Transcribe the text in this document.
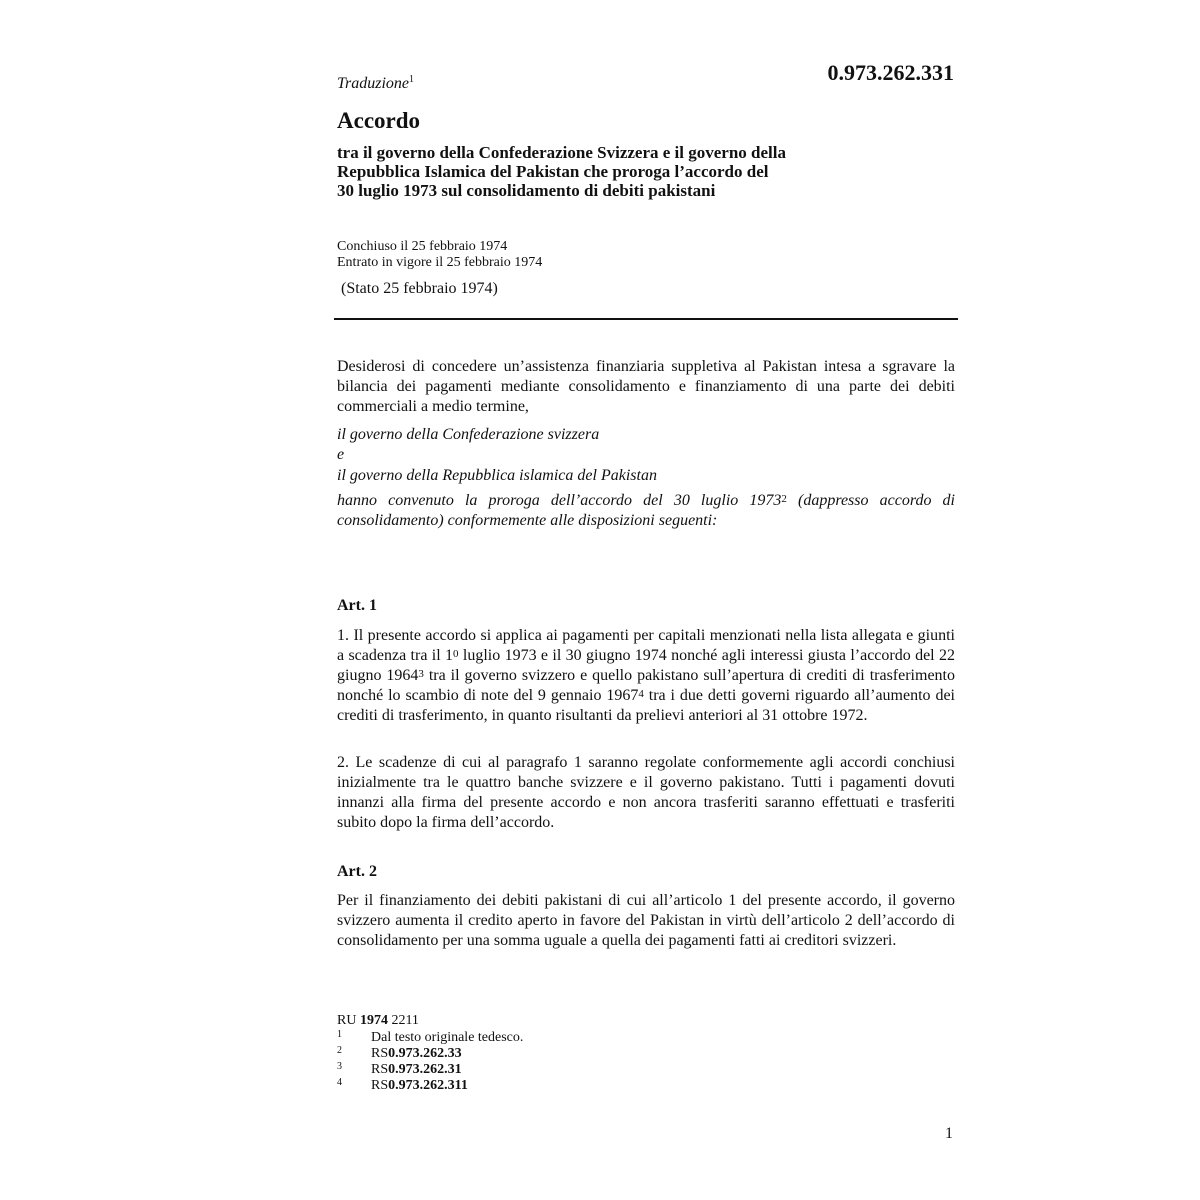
Traduzione$^1$	0.973.262.331

Accordo

tra il governo della Confederazione Svizzera e il governo della
Repubblica Islamica del Pakistan che proroga l’accordo del
30 luglio 1973 sul consolidamento di debiti pakistani
Conchiuso il 25 febbraio 1974
Entrato in vigore il 25 febbraio 1974

(Stato 25 febbraio 1974)

Desiderosi di concedere un’assistenza finanziaria suppletiva al Pakistan intesa a sgravare la bilancia dei pagamenti mediante consolidamento e finanziamento di una parte dei debiti commerciali a medio termine,

il governo della Confederazione svizzera

e

il governo della Repubblica islamica del Pakistan

hanno convenuto la proroga dell’accordo del 30 luglio 1973$^2$ (dappresso accordo di consolidamento) conformemente alle disposizioni seguenti:

Art. 1

1. Il presente accordo si applica ai pagamenti per capitali menzionati nella lista allegata e giunti a scadenza tra il 1$^0$ luglio 1973 e il 30 giugno 1974 nonché agli interessi giusta l’accordo del 22 giugno 1964$^3$ tra il governo svizzero e quello pakistano sull’apertura di crediti di trasferimento nonché lo scambio di note del 9 gennaio 1967$^4$ tra i due detti governi riguardo all’aumento dei crediti di trasferimento, in quanto risultanti da prelievi anteriori al 31 ottobre 1972.

2. Le scadenze di cui al paragrafo 1 saranno regolate conformemente agli accordi conchiusi inizialmente tra le quattro banche svizzere e il governo pakistano. Tutti i pagamenti dovuti innanzi alla firma del presente accordo e non ancora trasferiti saranno effettuati e trasferiti subito dopo la firma dell’accordo.

Art. 2

Per il finanziamento dei debiti pakistani di cui all’articolo 1 del presente accordo, il governo svizzero aumenta il credito aperto in favore del Pakistan in virtù dell’articolo 2 dell’accordo di consolidamento per una somma uguale a quella dei pagamenti fatti ai creditori svizzeri.

RU 1974 2211

1	Dal testo originale tedesco.
2	RS 0.973.262.33
3	RS 0.973.262.31
4	RS 0.973.262.311

1
